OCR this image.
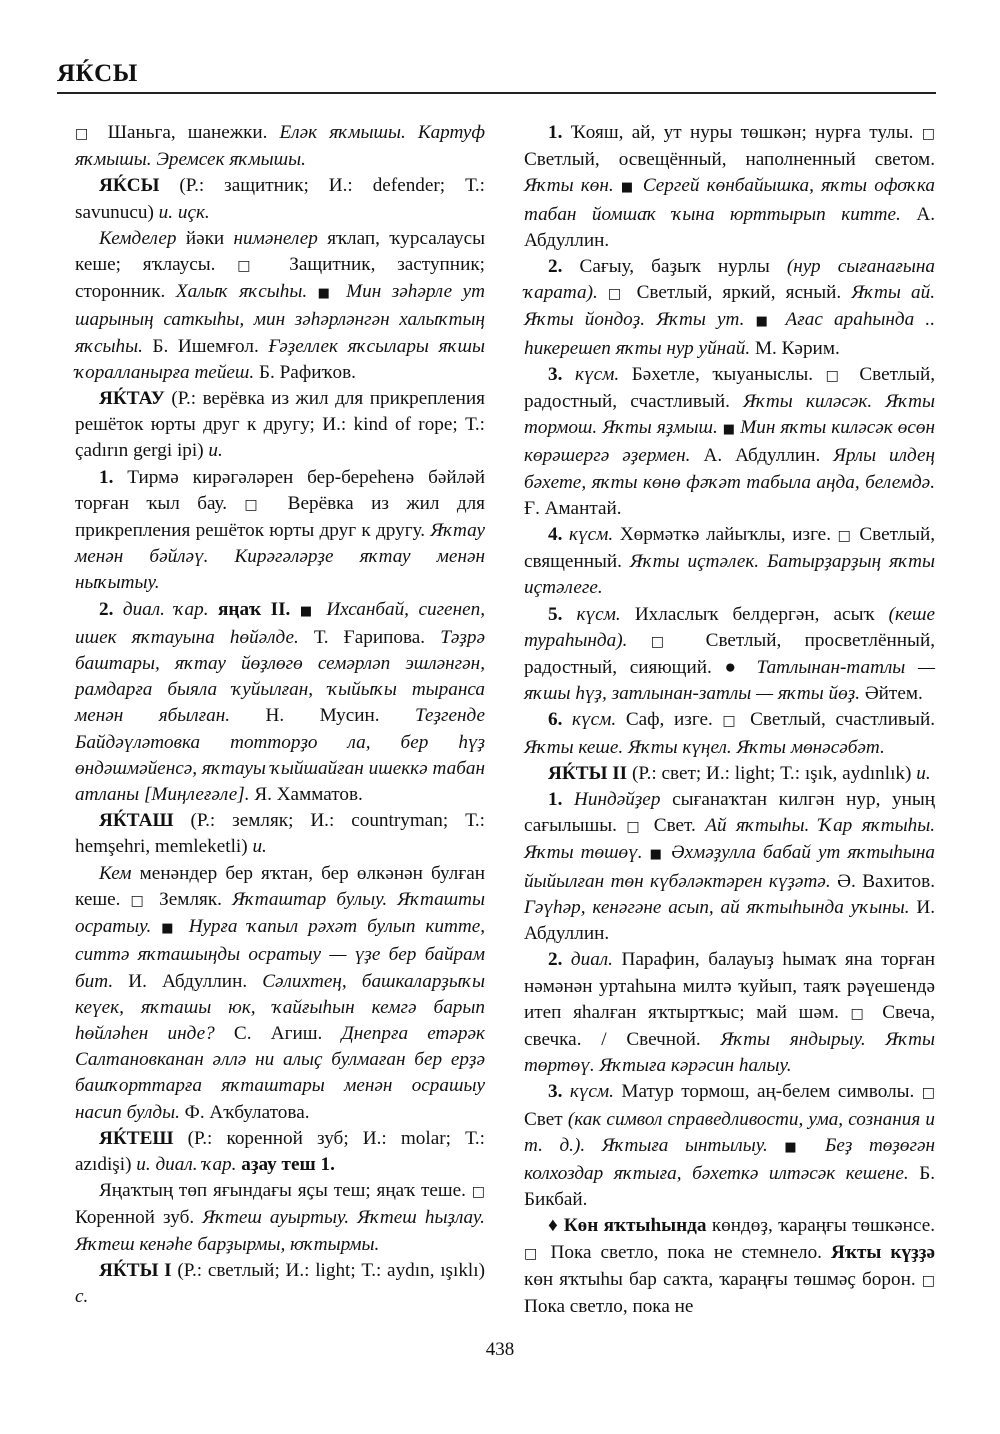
ЯЌСЫ

□ Шаньга, шанежки. Еләк яҡмышы. Картуф яҡмышы. Эремсек яҡмышы.

ЯЌСЫ (Р.: защитник; И.: defender; Т.: savunucu) и. иçк.

Кемделер йәки нимәнелер яҡлап, ҡурсалаусы кеше; яҡлаусы. □ Защитник, заступник; сторонник. Халыҡ яҡсыһы. ■ Мин зәһәрле ут шарының саткыһы, мин зәһәрләнгән халыҡтың яҡсыһы. Б. Ишемғол. Ғәҙеллек яҡсылары яҡшы ҡоралланырға тейеш. Б. Рафиҡов.

ЯЌТАУ (Р.: верёвка из жил для прикрепления решёток юрты друг к другу; И.: kind of rope; Т.: çadırın gergi ipi) и.

1. Тирмә кирәгәләрен бер-береһенә бәйләй торған ҡыл бау. □ Верёвка из жил для прикрепления решёток юрты друг к другу. Яҡтау менән бәйләү. Кирәгәләрҙе яҡтау менән ныҡытыу.

2. диал. ҡар. яңаҡ II. ■ Ихсанбай, сигенеп, ишек яҡтауына һөйәлде. Т. Ғарипова. Тәҙрә баштары, яҡтау йөҙлөгө семәрләп эшләнгән, рамдарға быяла ҡуйылған, ҡыйыҡы тыранса менән ябылған. Н. Мусин. Теҙгенде Байдәүләтовка тотторҙо ла, бер һүҙ өндәшмәйенсә, яҡтауы ҡыйшайған ишеккә табан атланы [Миңлеғәле]. Я. Хамматов.

ЯЌТАШ (Р.: земляк; И.: countryman; Т.: hemşehri, memleketli) и.

Кем менәндер бер яҡтан, бер өлкәнән булған кеше. □ Земляк. Яҡташтар булыу. Яҡташты осратыу. ■ Нурға ҡапыл рәхәт булып китте, ситтә яҡташыңды осратыу — үҙе бер байрам бит. И. Абдуллин. Сәлихтең, башкаларҙыҡы кеүек, яҡташы юк, ҡайғыһын кемгә барып һөйләһен инде? С. Агиш. Днепрға етәрәк Салтановканан әллә ни алыҫ булмаған бер ерҙә башҡорттарға яҡташтары менән осрашыу насип булды. Ф. Аҡбулатова.

ЯЌТЕШ (Р.: коренной зуб; И.: molar; Т.: azıdişi) и. диал. ҡар. аҙау теш 1.

Яңаҡтың төп яғындағы яҫы теш; яңаҡ теше. □ Коренной зуб. Яҡтеш ауыртыу. Яҡтеш һыҙлау. Яҡтеш кенәһе барҙырмы, юҡтырмы.

ЯЌТЫ I (Р.: светлый; И.: light; Т.: aydın, ışıklı) с.

1. Ҡояш, ай, ут нуры төшкән; нурға тулы. □ Светлый, освещённый, наполненный светом. Яҡты көн. ■ Сергей көнбайышка, яҡты офоҡка табан йомшаҡ ҡына юрттырып китте. А. Абдуллин.

2. Сағыу, баҙыҡ нурлы (нур сығанағына ҡарата). □ Светлый, яркий, ясный. Яҡты ай. Яҡты йондоҙ. Яҡты ут. ■ Ағас араһында .. һикерешеп яҡты нур уйнай. М. Кәрим.

3. күсм. Бәхетле, ҡыуаныслы. □ Светлый, радостный, счастливый. Яҡты киләсәк. Яҡты тормош. Яҡты яҙмыш. ■ Мин яҡты киләсәк өсөн көрәшергә әҙермен. А. Абдуллин. Ярлы илдең бәхете, яҡты көнө фәҡәт табыла аңда, белемдә. Ғ. Амантай.

4. күсм. Хөрмәткә лайыҡлы, изге. □ Светлый, священный. Яҡты иçтәлек. Батырҙарҙың яҡты иçтәлеге.

5. күсм. Ихласлыҡ белдергән, асыҡ (кеше тураһында). □ Светлый, просветлённый, радостный, сияющий. ● Татлынан-татлы — яҡшы һүҙ, затлынан-затлы — яҡты йөҙ. Әйтем.

6. күсм. Саф, изге. □ Светлый, счастливый. Яҡты кеше. Яҡты күңел. Яҡты мөнәсәбәт.

ЯЌТЫ II (Р.: свет; И.: light; Т.: ışık, aydınlık) и.

1. Ниндәйҙер сығанаҡтан килгән нур, уның сағылышы. □ Свет. Ай яҡтыһы. Ҡар яҡтыһы. Яҡты төшөү. ■ Әхмәҙулла бабай ут яҡтыһына йыйылған төн күбәләктәрен күҙәтә. Ә. Вахитов. Гәүһәр, кенәгәне асып, ай яҡтыһында уҡыны. И. Абдуллин.

2. диал. Парафин, балауыҙ һымаҡ яна торған нәмәнән уртаһына милтә ҡуйып, таяҡ рәүешендә итеп яһалған яҡтыртҡыс; май шәм. □ Свеча, свечка. / Свечной. Яҡты яндырыу. Яҡты төртөү. Яҡтыға кәрәсин һалыу.

3. күсм. Матур тормош, аң-белем символы. □ Свет (как символ справедливости, ума, сознания и т. д.). Яҡтыға ынтылыу. ■ Беҙ төҙөгән колхоздар яҡтыға, бәхеткә илтәсәк кешене. Б. Бикбай.

♦ Көн яҡтыһында көндөҙ, ҡараңғы төшкәнсе. □ Пока светло, пока не стемнело. Яҡты күҙҙә көн яҡтыһы бар саҡта, ҡараңғы төшмәҫ борон. □ Пока светло, пока не

438
